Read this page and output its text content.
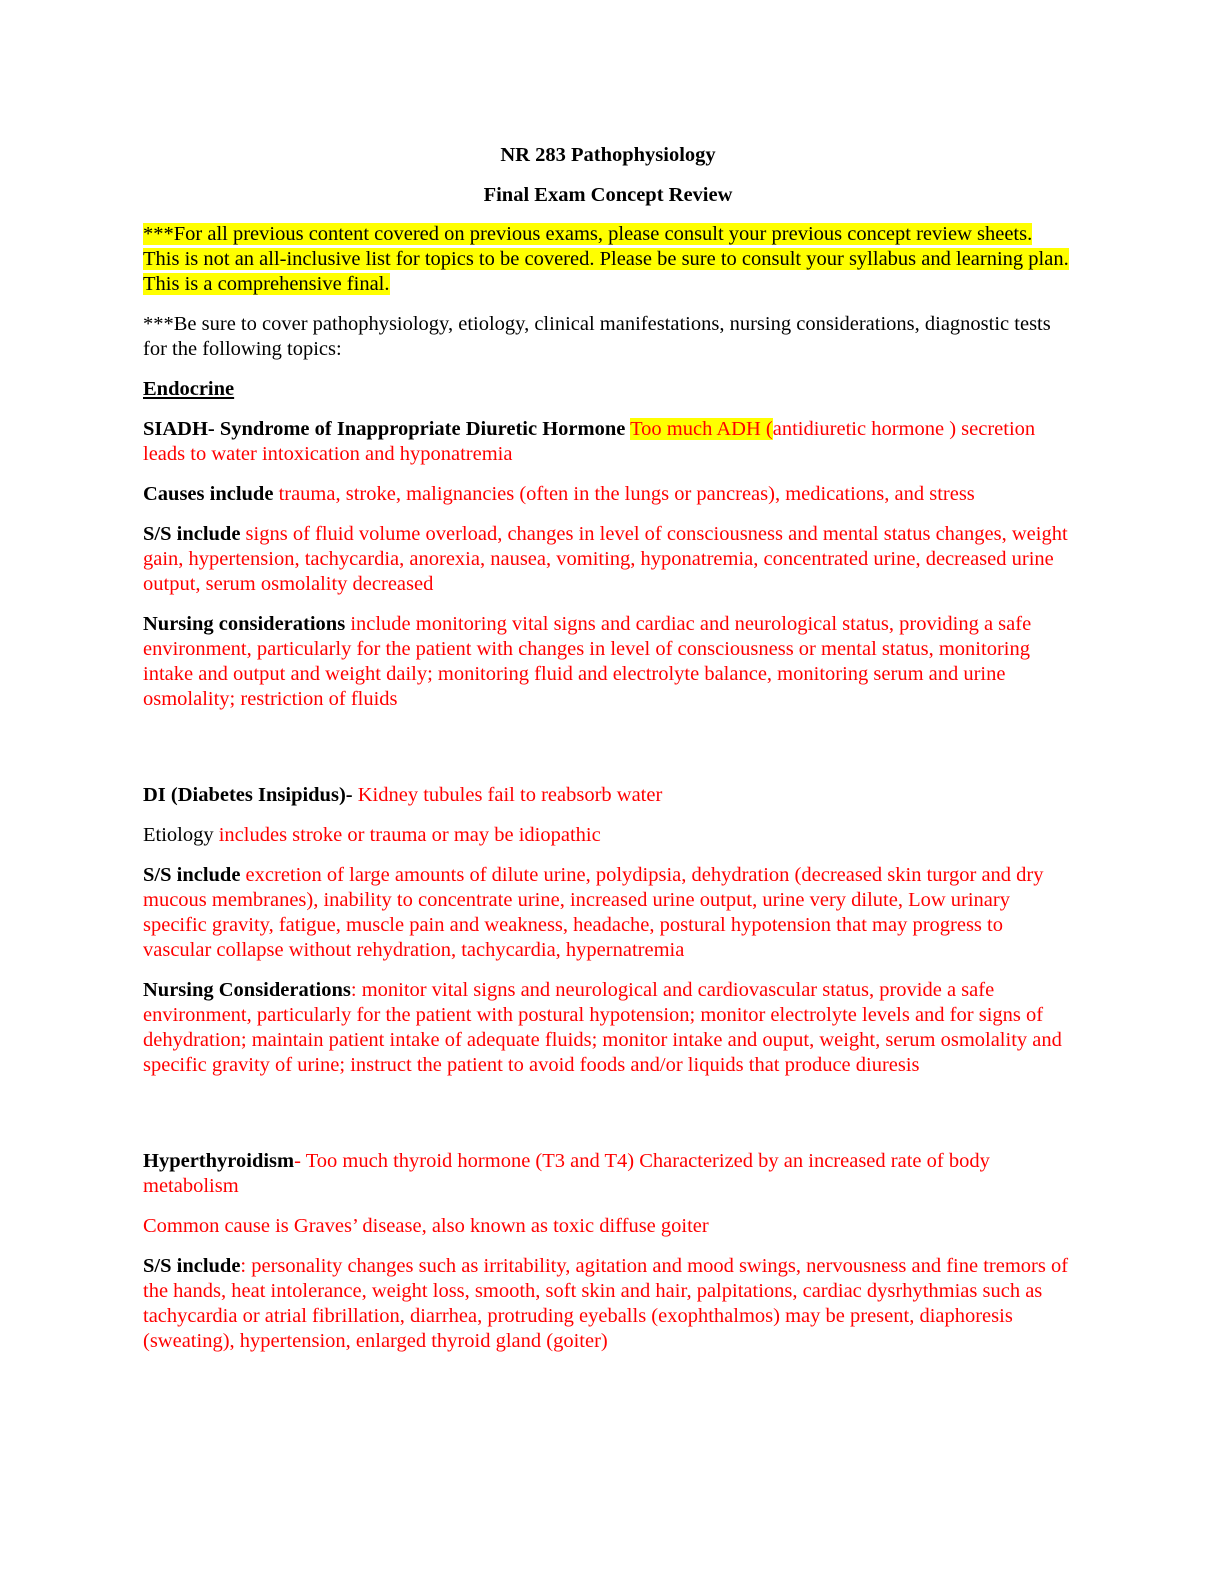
NR 283 Pathophysiology

Final Exam Concept Review

***For all previous content covered on previous exams, please consult your previous concept review sheets. This is not an all-inclusive list for topics to be covered. Please be sure to consult your syllabus and learning plan. This is a comprehensive final.

***Be sure to cover pathophysiology, etiology, clinical manifestations, nursing considerations, diagnostic tests for the following topics:

Endocrine

SIADH- Syndrome of Inappropriate Diuretic Hormone Too much ADH (antidiuretic hormone ) secretion leads to water intoxication and hyponatremia

Causes include trauma, stroke, malignancies (often in the lungs or pancreas), medications, and stress

S/S include signs of fluid volume overload, changes in level of consciousness and mental status changes, weight gain, hypertension, tachycardia, anorexia, nausea, vomiting, hyponatremia, concentrated urine, decreased urine output, serum osmolality decreased

Nursing considerations include monitoring vital signs and cardiac and neurological status, providing a safe environment, particularly for the patient with changes in level of consciousness or mental status, monitoring intake and output and weight daily; monitoring fluid and electrolyte balance, monitoring serum and urine osmolality; restriction of fluids

DI (Diabetes Insipidus)- Kidney tubules fail to reabsorb water

Etiology includes stroke or trauma or may be idiopathic

S/S include excretion of large amounts of dilute urine, polydipsia, dehydration (decreased skin turgor and dry mucous membranes), inability to concentrate urine, increased urine output, urine very dilute, Low urinary specific gravity, fatigue, muscle pain and weakness, headache, postural hypotension that may progress to vascular collapse without rehydration, tachycardia, hypernatremia

Nursing Considerations: monitor vital signs and neurological and cardiovascular status, provide a safe environment, particularly for the patient with postural hypotension; monitor electrolyte levels and for signs of dehydration; maintain patient intake of adequate fluids; monitor intake and ouput, weight, serum osmolality and specific gravity of urine; instruct the patient to avoid foods and/or liquids that produce diuresis

Hyperthyroidism- Too much thyroid hormone (T3 and T4) Characterized by an increased rate of body metabolism

Common cause is Graves’ disease, also known as toxic diffuse goiter

S/S include: personality changes such as irritability, agitation and mood swings, nervousness and fine tremors of the hands, heat intolerance, weight loss, smooth, soft skin and hair, palpitations, cardiac dysrhythmias such as tachycardia or atrial fibrillation, diarrhea, protruding eyeballs (exophthalmos) may be present, diaphoresis (sweating), hypertension, enlarged thyroid gland (goiter)
